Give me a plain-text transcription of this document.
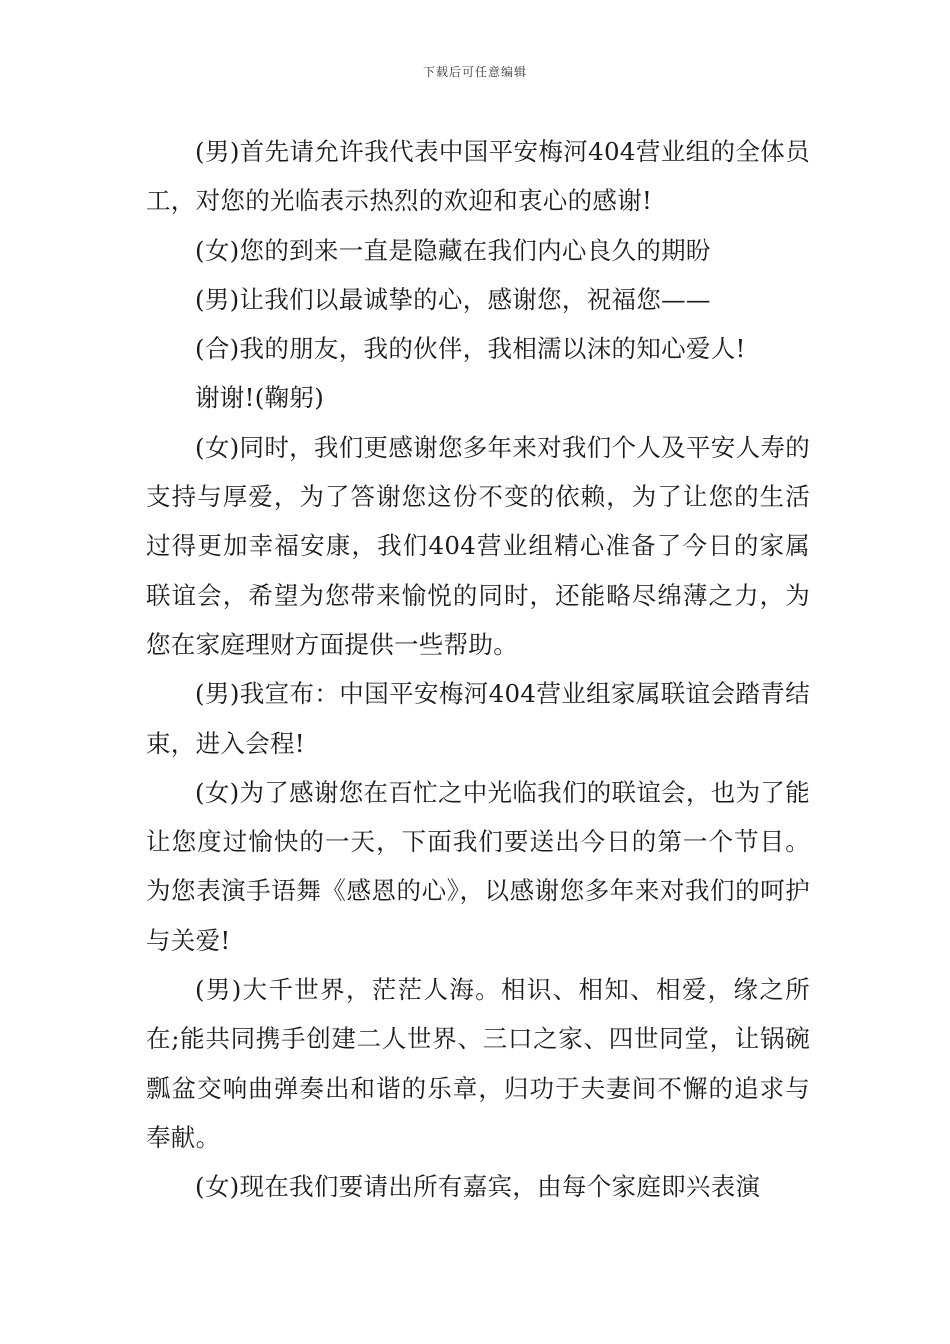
下载后可任意编辑

(男)首先请允许我代表中国平安梅河404营业组的全体员工，对您的光临表示热烈的欢迎和衷心的感谢!

(女)您的到来一直是隐藏在我们内心良久的期盼

(男)让我们以最诚挚的心，感谢您，祝福您——

(合)我的朋友，我的伙伴，我相濡以沫的知心爱人!

谢谢!(鞠躬)

(女)同时，我们更感谢您多年来对我们个人及平安人寿的支持与厚爱，为了答谢您这份不变的依赖，为了让您的生活过得更加幸福安康，我们404营业组精心准备了今日的家属联谊会，希望为您带来愉悦的同时，还能略尽绵薄之力，为您在家庭理财方面提供一些帮助。

(男)我宣布：中国平安梅河404营业组家属联谊会踏青结束，进入会程!

(女)为了感谢您在百忙之中光临我们的联谊会，也为了能让您度过愉快的一天，下面我们要送出今日的第一个节目。为您表演手语舞《感恩的心》，以感谢您多年来对我们的呵护与关爱!

(男)大千世界，茫茫人海。相识、相知、相爱，缘之所在;能共同携手创建二人世界、三口之家、四世同堂，让锅碗瓢盆交响曲弹奏出和谐的乐章，归功于夫妻间不懈的追求与奉献。

(女)现在我们要请出所有嘉宾，由每个家庭即兴表演
